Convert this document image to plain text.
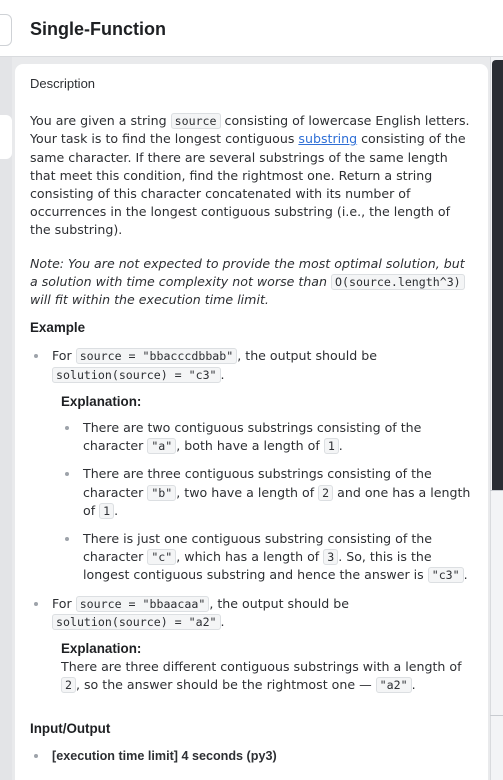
Single-Function
Description

You are given a string source consisting of lowercase English letters. Your task is to find the longest contiguous substring consisting of the same character. If there are several substrings of the same length that meet this condition, find the rightmost one. Return a string consisting of this character concatenated with its number of occurrences in the longest contiguous substring (i.e., the length of the substring).

Note: You are not expected to provide the most optimal solution, but a solution with time complexity not worse than O(source.length^3) will fit within the execution time limit.

Example
For source = "bbacccdbbab" , the output should be solution(source) = "c3" .
Explanation:
There are two contiguous substrings consisting of the character "a" , both have a length of 1 .
There are three contiguous substrings consisting of the character "b" , two have a length of 2 and one has a length of 1 .
There is just one contiguous substring consisting of the character "c" , which has a length of 3 . So, this is the longest contiguous substring and hence the answer is "c3" .
For source = "bbaacaa" , the output should be solution(source) = "a2" .
Explanation:
There are three different contiguous substrings with a length of 2 , so the answer should be the rightmost one — "a2" .
Input/Output
[execution time limit] 4 seconds (py3)
